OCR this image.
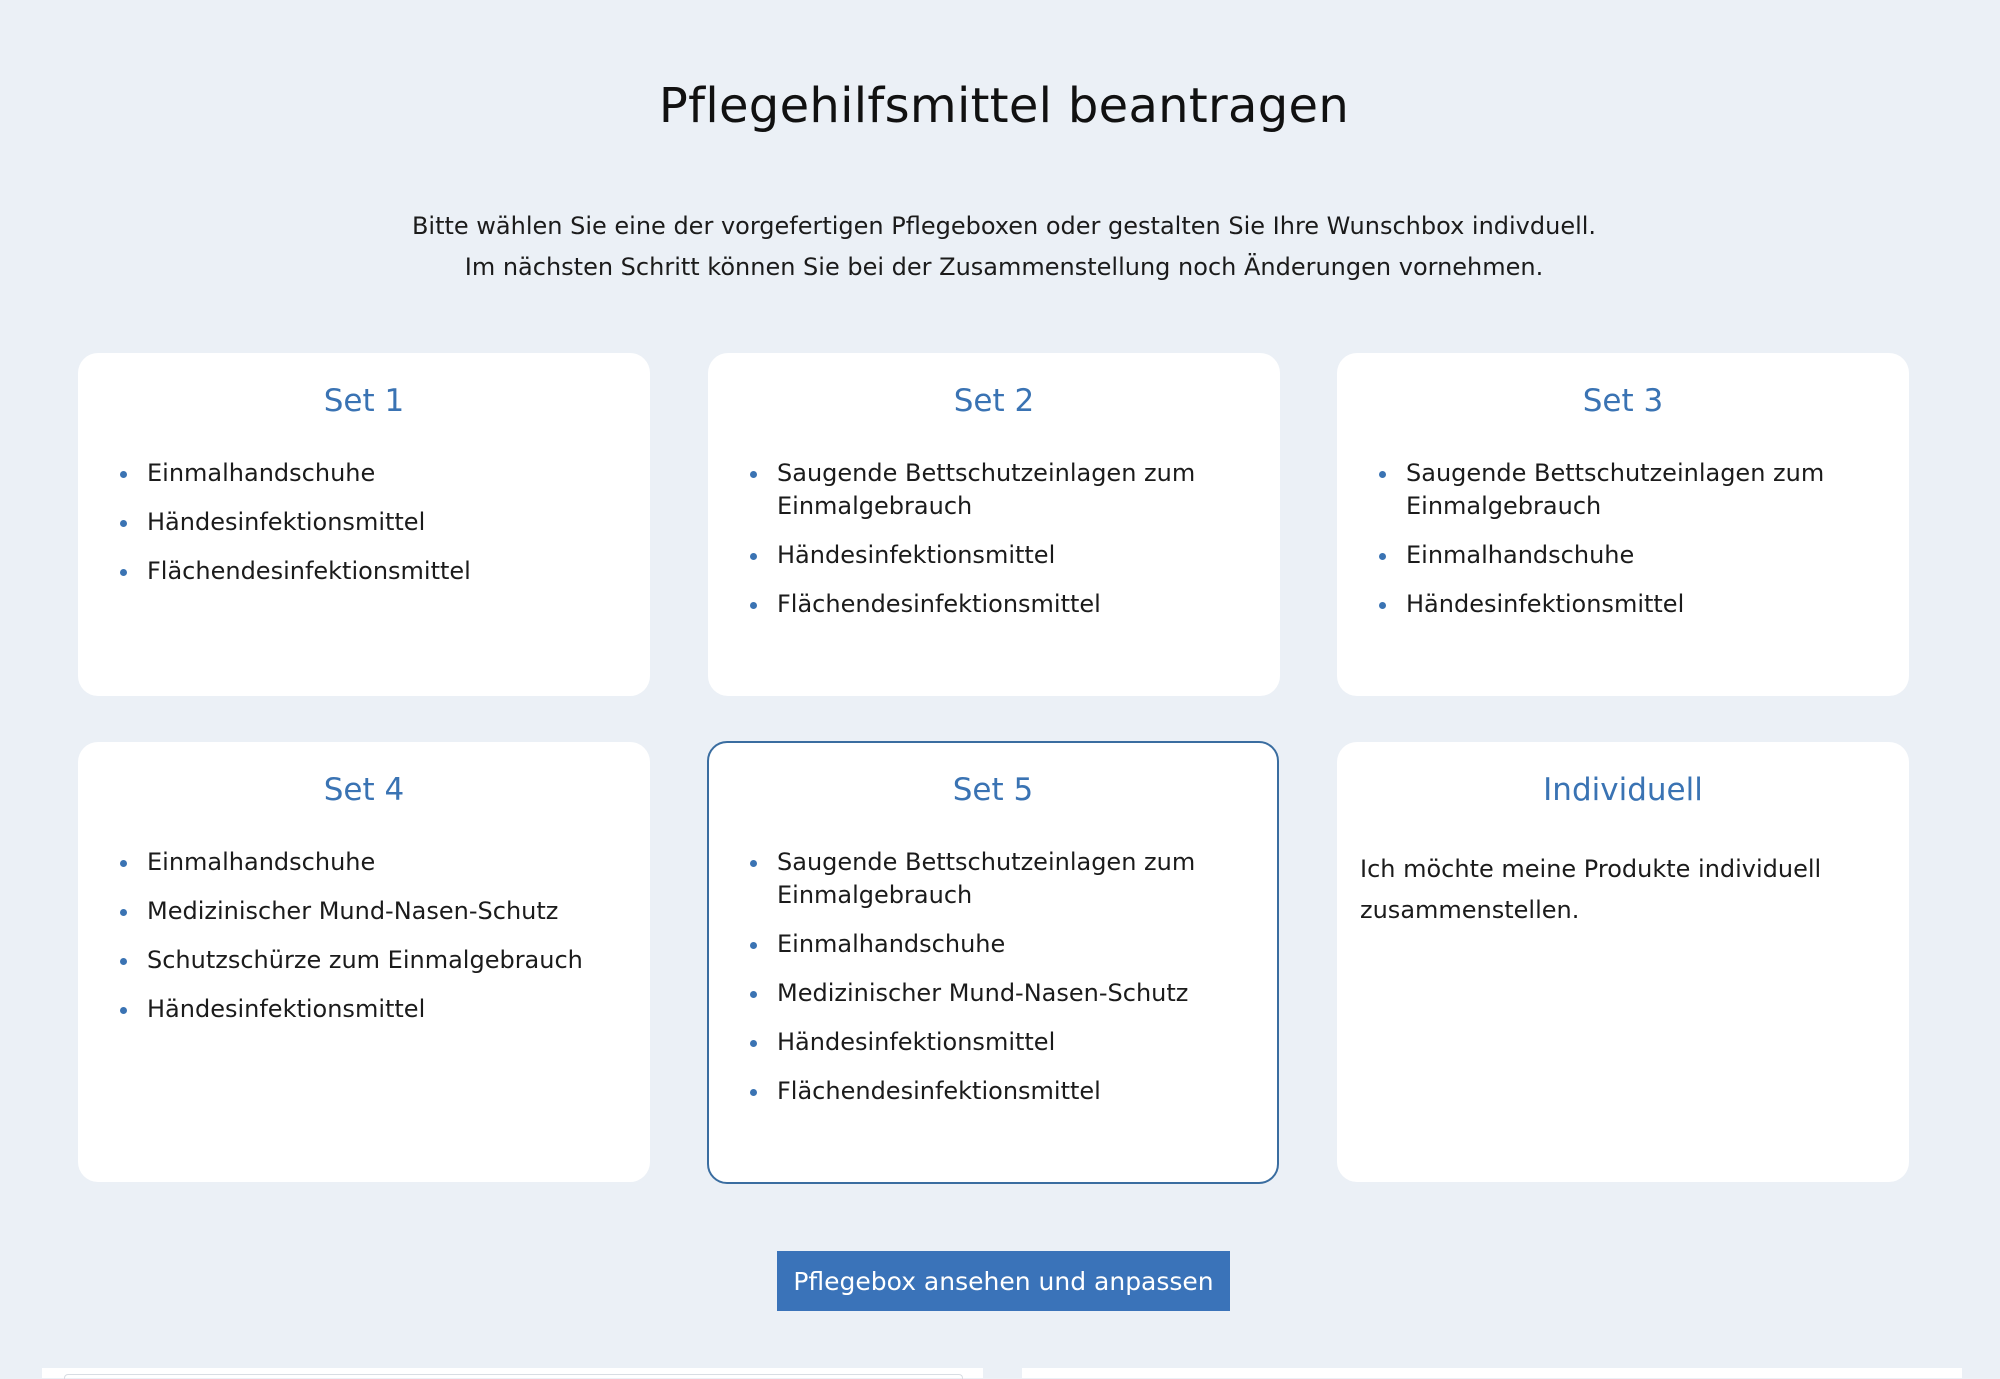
Pflegehilfsmittel beantragen

Bitte wählen Sie eine der vorgefertigen Pflegeboxen oder gestalten Sie Ihre Wunschbox indivduell.
Im nächsten Schritt können Sie bei der Zusammenstellung noch Änderungen vornehmen.

Set 1
Einmalhandschuhe
Händesinfektionsmittel
Flächendesinfektionsmittel
Set 2
Saugende Bettschutzeinlagen zum Einmalgebrauch
Händesinfektionsmittel
Flächendesinfektionsmittel
Set 3
Saugende Bettschutzeinlagen zum Einmalgebrauch
Einmalhandschuhe
Händesinfektionsmittel
Set 4
Einmalhandschuhe
Medizinischer Mund-Nasen-Schutz
Schutzschürze zum Einmalgebrauch
Händesinfektionsmittel
Set 5
Saugende Bettschutzeinlagen zum Einmalgebrauch
Einmalhandschuhe
Medizinischer Mund-Nasen-Schutz
Händesinfektionsmittel
Flächendesinfektionsmittel
Individuell

Ich möchte meine Produkte individuell zusammenstellen.

Pflegebox ansehen und anpassen
